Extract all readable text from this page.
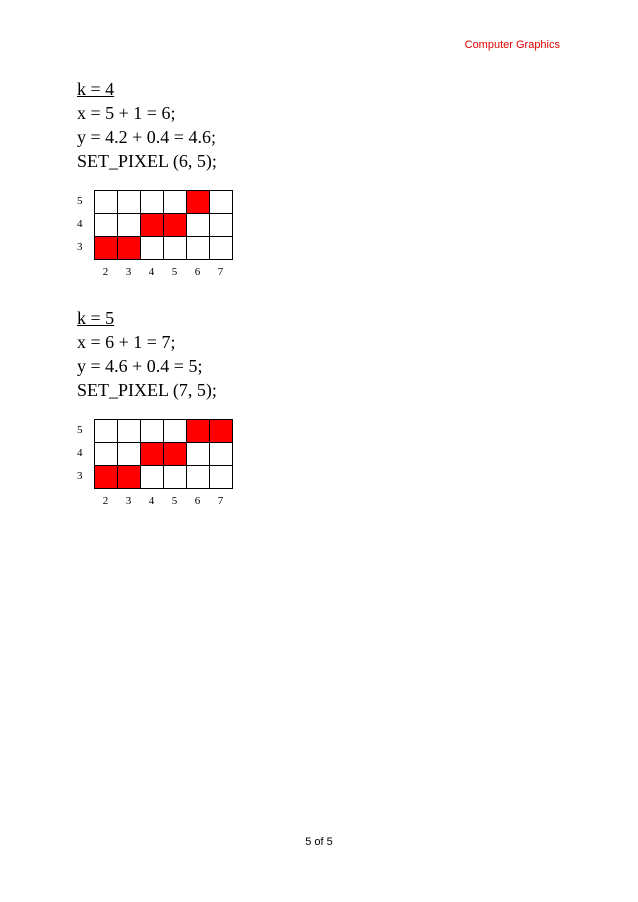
Computer Graphics
k = 4
x = 5 + 1 = 6;
y = 4.2 + 0.4 = 4.6;
SET_PIXEL (6, 5);
5
4
3
2	3	4	5	6	7
k = 5
x = 6 + 1 = 7;
y = 4.6 + 0.4 = 5;
SET_PIXEL (7, 5);
5
4
3
2	3	4	5	6	7
5 of 5
